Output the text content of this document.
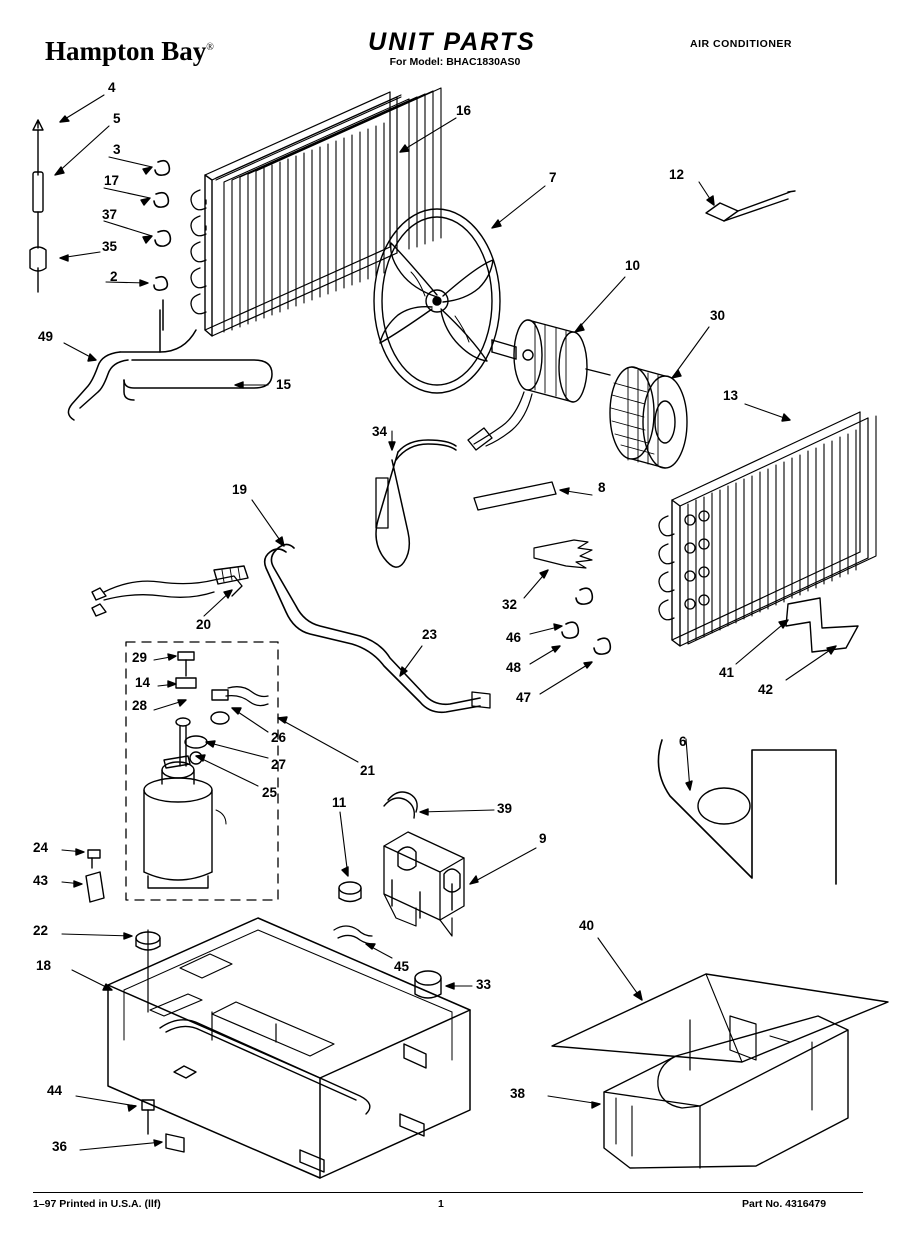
Hampton Bay®	UNIT PARTS
For Model: BHAC1830AS0
AIR CONDITIONER
4
5
3
17
37
35
2
49
15
16
7	12
10
30
13
34
8
19
32
46
48
47
41
42
23
20
29
14
28
26
27
25
21
6
11	39
9
24
43
22
18	45
33
40
38
44
36
1–97 Printed in U.S.A. (llf)	1	Part No. 4316479
